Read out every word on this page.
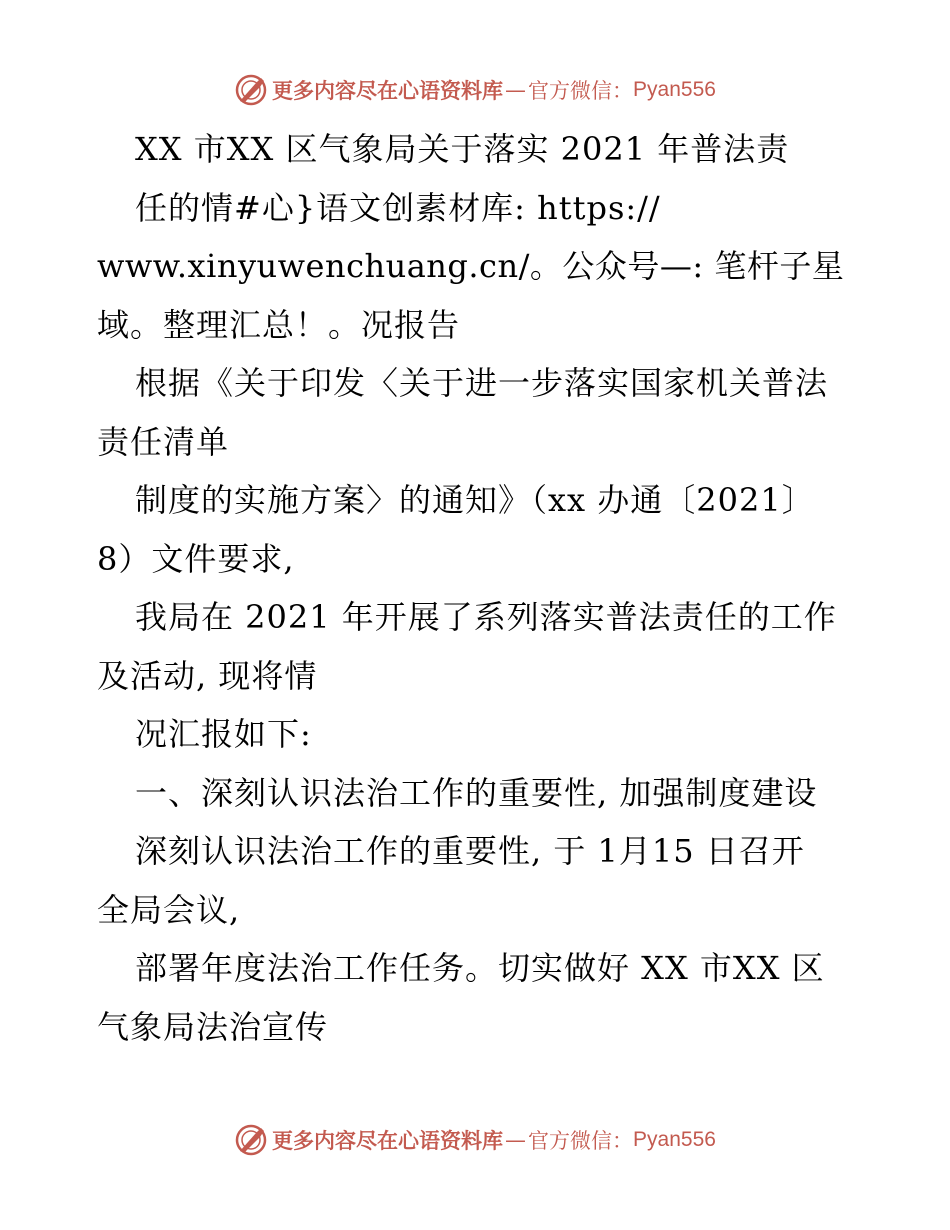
更多内容尽在心语资料库 — 官方微信： Pyan556
XX 市XX 区气象局关于落实 2021 年普法责
任的情#心}语文创素材库: https://
www.xinyuwenchuang.cn/。公众号—: 笔杆子星
域。整理汇总！。况报告
根据《关于印发〈关于进一步落实国家机关普法
责任清单
制度的实施方案〉的通知》（xx 办通〔2021〕
8）文件要求,
我局在 2021 年开展了系列落实普法责任的工作
及活动, 现将情
况汇报如下:
一、深刻认识法治工作的重要性, 加强制度建设
深刻认识法治工作的重要性, 于 1月15 日召开
全局会议,
部署年度法治工作任务。切实做好 XX 市XX 区
气象局法治宣传
更多内容尽在心语资料库 — 官方微信： Pyan556
